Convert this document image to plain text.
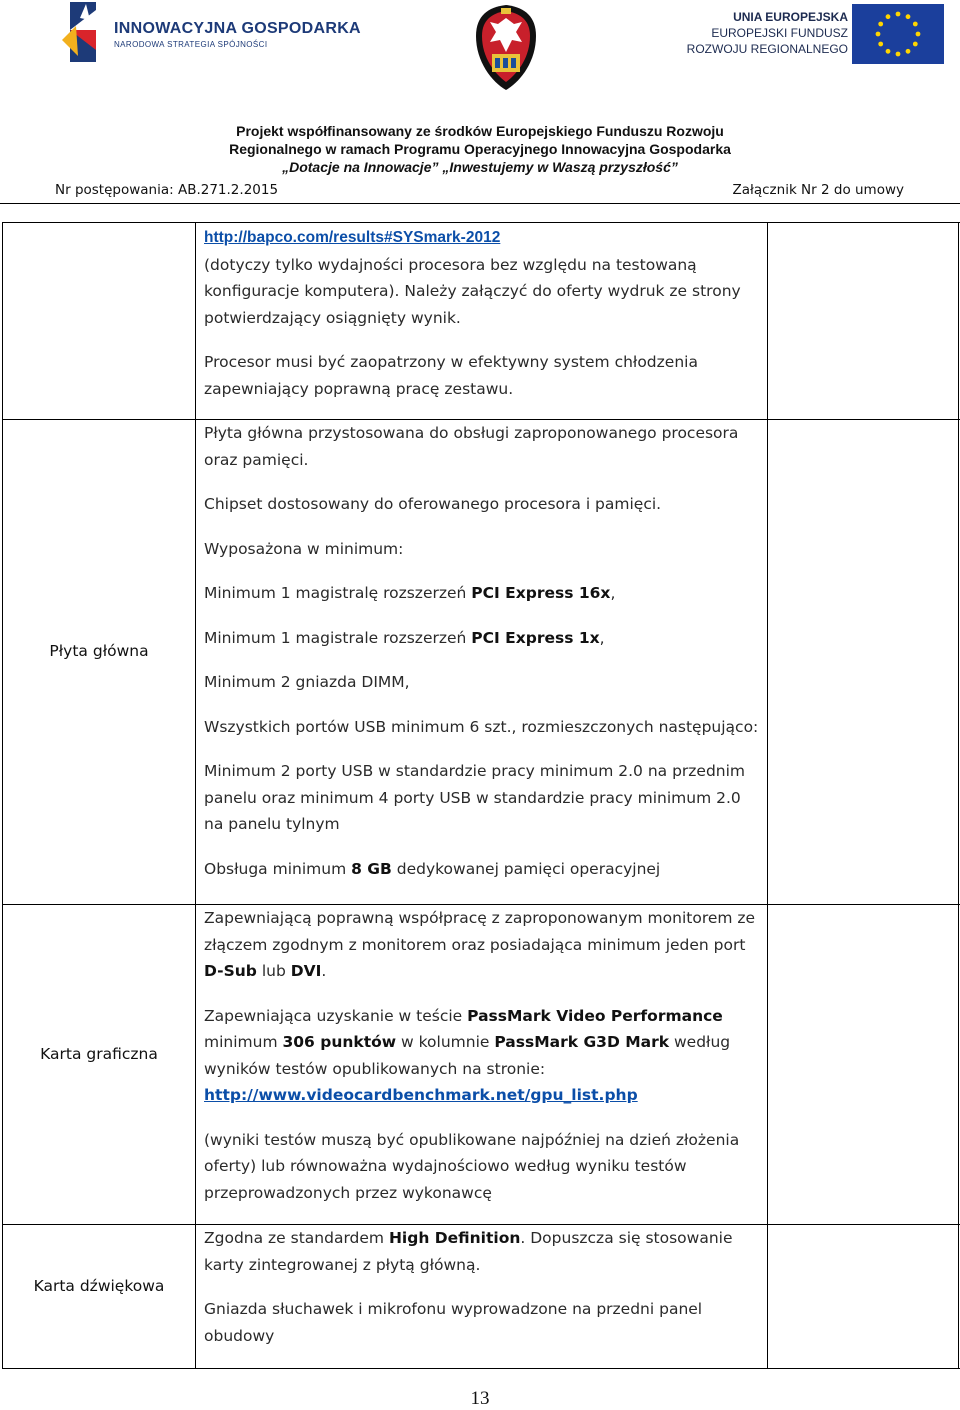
INNOWACYJNA GOSPODARKA
NARODOWA STRATEGIA SPÓJNOŚCI
UNIA EUROPEJSKA
EUROPEJSKI FUNDUSZ
ROZWOJU REGIONALNEGO
Projekt współfinansowany ze środków Europejskiego Funduszu Rozwoju
Regionalnego w ramach Programu Operacyjnego Innowacyjna Gospodarka
„Dotacje na Innowacje” „Inwestujemy w Waszą przyszłość”
Nr postępowania: AB.271.2.2015	Załącznik Nr 2 do umowy
http://bapco.com/results#SYSmark-2012
(dotyczy tylko wydajności procesora bez względu na testowaną konfiguracje komputera). Należy załączyć do oferty wydruk ze strony potwierdzający osiągnięty wynik.
Procesor musi być zaopatrzony w efektywny system chłodzenia zapewniający poprawną pracę zestawu.
Płyta główna
Płyta główna przystosowana do obsługi zaproponowanego procesora oraz pamięci.
Chipset dostosowany do oferowanego procesora i pamięci.
Wyposażona w minimum:
Minimum 1 magistralę rozszerzeń PCI Express 16x,
Minimum 1 magistrale rozszerzeń PCI Express 1x,
Minimum 2 gniazda DIMM,
Wszystkich portów USB minimum 6 szt., rozmieszczonych następująco:
Minimum 2 porty USB w standardzie pracy minimum 2.0 na przednim panelu oraz minimum 4 porty USB w standardzie pracy minimum 2.0 na panelu tylnym
Obsługa minimum 8 GB dedykowanej pamięci operacyjnej
Karta graficzna
Zapewniającą poprawną współpracę z zaproponowanym monitorem ze złączem zgodnym z monitorem oraz posiadająca minimum jeden port D-Sub lub DVI.
Zapewniająca uzyskanie w teście PassMark Video Performance minimum 306 punktów w kolumnie PassMark G3D Mark według wyników testów opublikowanych na stronie:
http://www.videocardbenchmark.net/gpu_list.php
(wyniki testów muszą być opublikowane najpóźniej na dzień złożenia oferty) lub równoważna wydajnościowo według wyniku testów przeprowadzonych przez wykonawcę
Karta dźwiękowa
Zgodna ze standardem High Definition. Dopuszcza się stosowanie karty zintegrowanej z płytą główną.
Gniazda słuchawek i mikrofonu wyprowadzone na przedni panel obudowy
13
